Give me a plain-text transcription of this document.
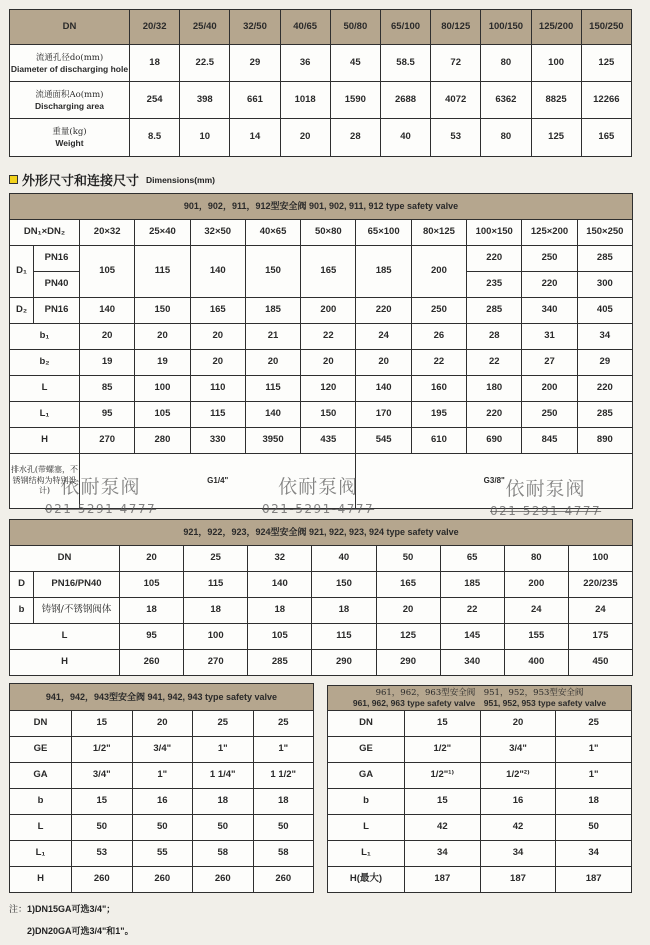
DN	20/32	25/40	32/50	40/65	50/80	65/100	80/125	100/150	125/200	150/250
流通孔径do(mm)
Diameter of discharging hole	18	22.5	29	36	45	58.5	72	80	100	125
流通面积Ao(mm)
Discharging area	254	398	661	1018	1590	2688	4072	6362	8825	12266
重量(kg)
Weight	8.5	10	14	20	28	40	53	80	125	165
外形尺寸和连接尺寸 Dimensions(mm)
901，902，911，912型安全阀 901, 902, 911, 912 type safety valve											
DN₁×DN₂		20×32	25×40	32×50	40×65	50×80	65×100	80×125	100×150	125×200	150×250
D₁	PN16	105	115	140	150	165	185	200	220	250	285
	PN40								235	220	300
D₂	PN16	140	150	165	185	200	220	250	285	340	405
b₁		20	20	20	21	22	24	26	28	31	34
b₂		19	19	20	20	20	20	22	22	27	29
L		85	100	110	115	120	140	160	180	200	220
L₁		95	105	115	140	150	170	195	220	250	285
H		270	280	330	3950	435	545	610	690	845	890
排水孔(带螺塞，不锈钢结构为特别设计)		G1/4"					G3/8"				
921，922，923，924型安全阀 921, 922, 923, 924 type safety valve									
DN		20	25	32	40	50	65	80	100
D	PN16/PN40	105	115	140	150	165	185	200	220/235
b	铸钢/不锈钢阀体	18	18	18	18	20	22	24	24
L		95	100	105	115	125	145	155	175
H		260	270	285	290	290	340	400	450
941，942，943型安全阀 941, 942, 943 type safety valve				
DN	15	20	25	25
GE	1/2"	3/4"	1"	1"
GA	3/4"	1"	1 1/4"	1 1/2"
b	15	16	18	18
L	50	50	50	50
L₁	53	55	58	58
H	260	260	260	260
961，962，963型安全阀　951，952，953型安全阀
961, 962, 963 type safety valve　951, 952, 953 type safety valve			
DN	15	20	25
GE	1/2"	3/4"	1"
GA	1/2"¹⁾	1/2"²⁾	1"
b	15	16	18
L	42	42	50
L₁	34	34	34
H(最大)	187	187	187
注：1)DN15GA可选3/4"；
2)DN20GA可选3/4"和1"。
依耐泵阀
021 5291 4777
依耐泵阀
021-5291-4777
依耐泵阀
021 5291 4777
